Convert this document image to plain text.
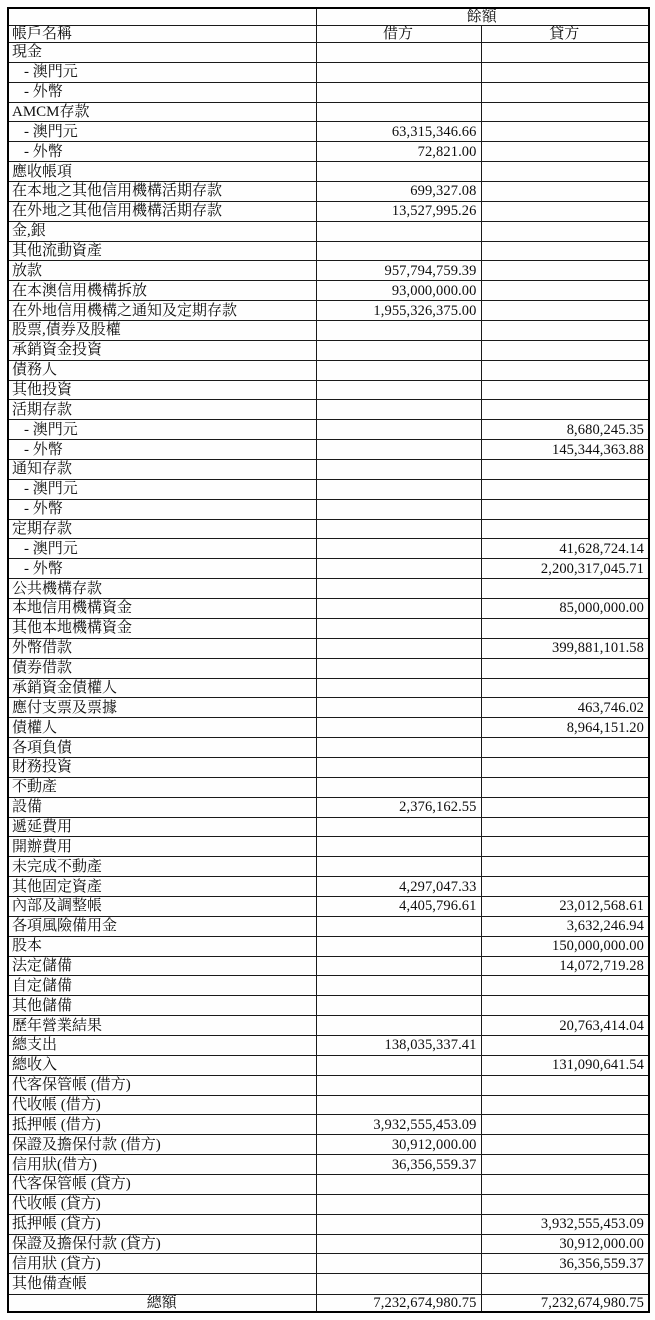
	餘額	
帳戶名稱	借方	貸方
現金		
- 澳門元		
- 外幣		
AMCM存款		
- 澳門元	63,315,346.66	
- 外幣	72,821.00	
應收帳項		
在本地之其他信用機構活期存款	699,327.08	
在外地之其他信用機構活期存款	13,527,995.26	
金,銀		
其他流動資產		
放款	957,794,759.39	
在本澳信用機構拆放	93,000,000.00	
在外地信用機構之通知及定期存款	1,955,326,375.00	
股票,債券及股權		
承銷資金投資		
債務人		
其他投資		
活期存款		
- 澳門元		8,680,245.35
- 外幣		145,344,363.88
通知存款		
- 澳門元		
- 外幣		
定期存款		
- 澳門元		41,628,724.14
- 外幣		2,200,317,045.71
公共機構存款		
本地信用機構資金		85,000,000.00
其他本地機構資金		
外幣借款		399,881,101.58
債券借款		
承銷資金債權人		
應付支票及票據		463,746.02
債權人		8,964,151.20
各項負債		
財務投資		
不動產		
設備	2,376,162.55	
遞延費用		
開辦費用		
未完成不動產		
其他固定資產	4,297,047.33	
內部及調整帳	4,405,796.61	23,012,568.61
各項風險備用金		3,632,246.94
股本		150,000,000.00
法定儲備		14,072,719.28
自定儲備		
其他儲備		
歷年營業結果		20,763,414.04
總支出	138,035,337.41	
總收入		131,090,641.54
代客保管帳 (借方)		
代收帳 (借方)		
抵押帳 (借方)	3,932,555,453.09	
保證及擔保付款 (借方)	30,912,000.00	
信用狀(借方)	36,356,559.37	
代客保管帳 (貸方)		
代收帳 (貸方)		
抵押帳 (貸方)		3,932,555,453.09
保證及擔保付款 (貸方)		30,912,000.00
信用狀 (貸方)		36,356,559.37
其他備查帳		
總額	7,232,674,980.75	7,232,674,980.75
